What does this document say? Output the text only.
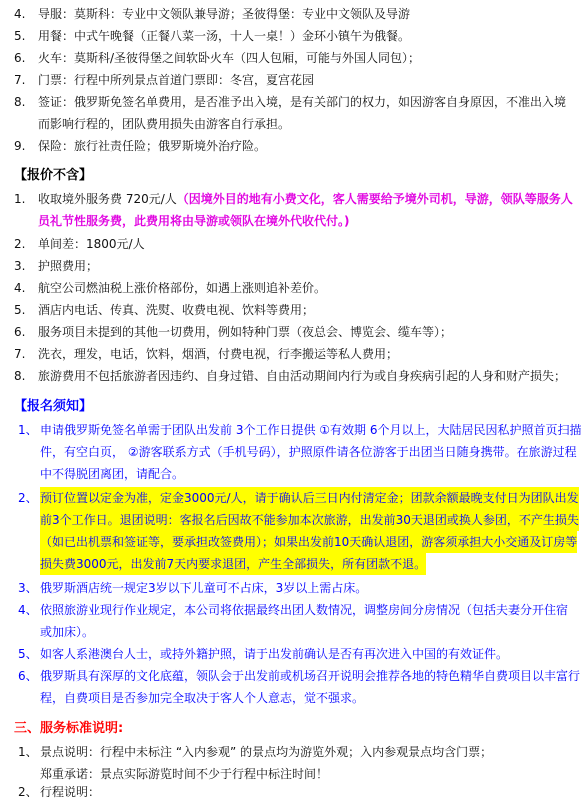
4.	导服：莫斯科：专业中文领队兼导游；圣彼得堡：专业中文领队及导游
5.	用餐：中式午晚餐（正餐八菜一汤，十人一桌！）金环小镇午为俄餐。
6.	火车：莫斯科/圣彼得堡之间软卧火车（四人包厢，可能与外国人同包）；
7.	门票：行程中所列景点首道门票即：冬宫，夏宫花园
8.	签证：俄罗斯免签名单费用，是否准予出入境，是有关部门的权力，如因游客自身原因，不准出入境
而影响行程的，团队费用损失由游客自行承担。
9.	保险：旅行社责任险；俄罗斯境外治疗险。
【报价不含】
1.	收取境外服务费 720元/人（因境外目的地有小费文化，客人需要给予境外司机，导游，领队等服务人
员礼节性服务费，此费用将由导游或领队在境外代收代付。)
2.	单间差：1800元/人
3.	护照费用；
4.	航空公司燃油税上涨价格部份，如遇上涨则追补差价。
5.	酒店内电话、传真、洗熨、收费电视、饮料等费用；
6.	服务项目未提到的其他一切费用，例如特种门票（夜总会、博览会、缆车等）；
7.	洗衣，理发，电话，饮料，烟酒，付费电视，行李搬运等私人费用；
8.	旅游费用不包括旅游者因违约、自身过错、自由活动期间内行为或自身疾病引起的人身和财产损失；
【报名须知】
1、 申请俄罗斯免签名单需于团队出发前 3个工作日提供 ①有效期 6个月以上，大陆居民因私护照首页扫描
件，有空白页， ②游客联系方式（手机号码），护照原件请各位游客于出团当日随身携带。在旅游过程
中不得脱团离团，请配合。
2、 预订位置以定金为准，定金3000元/人，请于确认后三日内付清定金；团款余额最晚支付日为团队出发
前3个工作日。退团说明：客报名后因故不能参加本次旅游，出发前30天退团或换人参团，不产生损失
（如已出机票和签证等，要承担改签费用）；如果出发前10天确认退团，游客须承担大小交通及订房等
损失费3000元，出发前7天内要求退团，产生全部损失，所有团款不退。
3、 俄罗斯酒店统一规定3岁以下儿童可不占床，3岁以上需占床。
4、 依照旅游业现行作业规定，本公司将依据最终出团人数情况，调整房间分房情况（包括夫妻分开住宿
或加床）。
5、 如客人系港澳台人士，或持外籍护照，请于出发前确认是否有再次进入中国的有效证件。
6、 俄罗斯具有深厚的文化底蕴，领队会于出发前或机场召开说明会推荐各地的特色精华自费项目以丰富行
程，自费项目是否参加完全取决于客人个人意志，觉不强求。
三、服务标准说明:
1、 景点说明：行程中未标注 “入内参观” 的景点均为游览外观；入内参观景点均含门票；
郑重承诺：景点实际游览时间不少于行程中标注时间！
2、 行程说明：
